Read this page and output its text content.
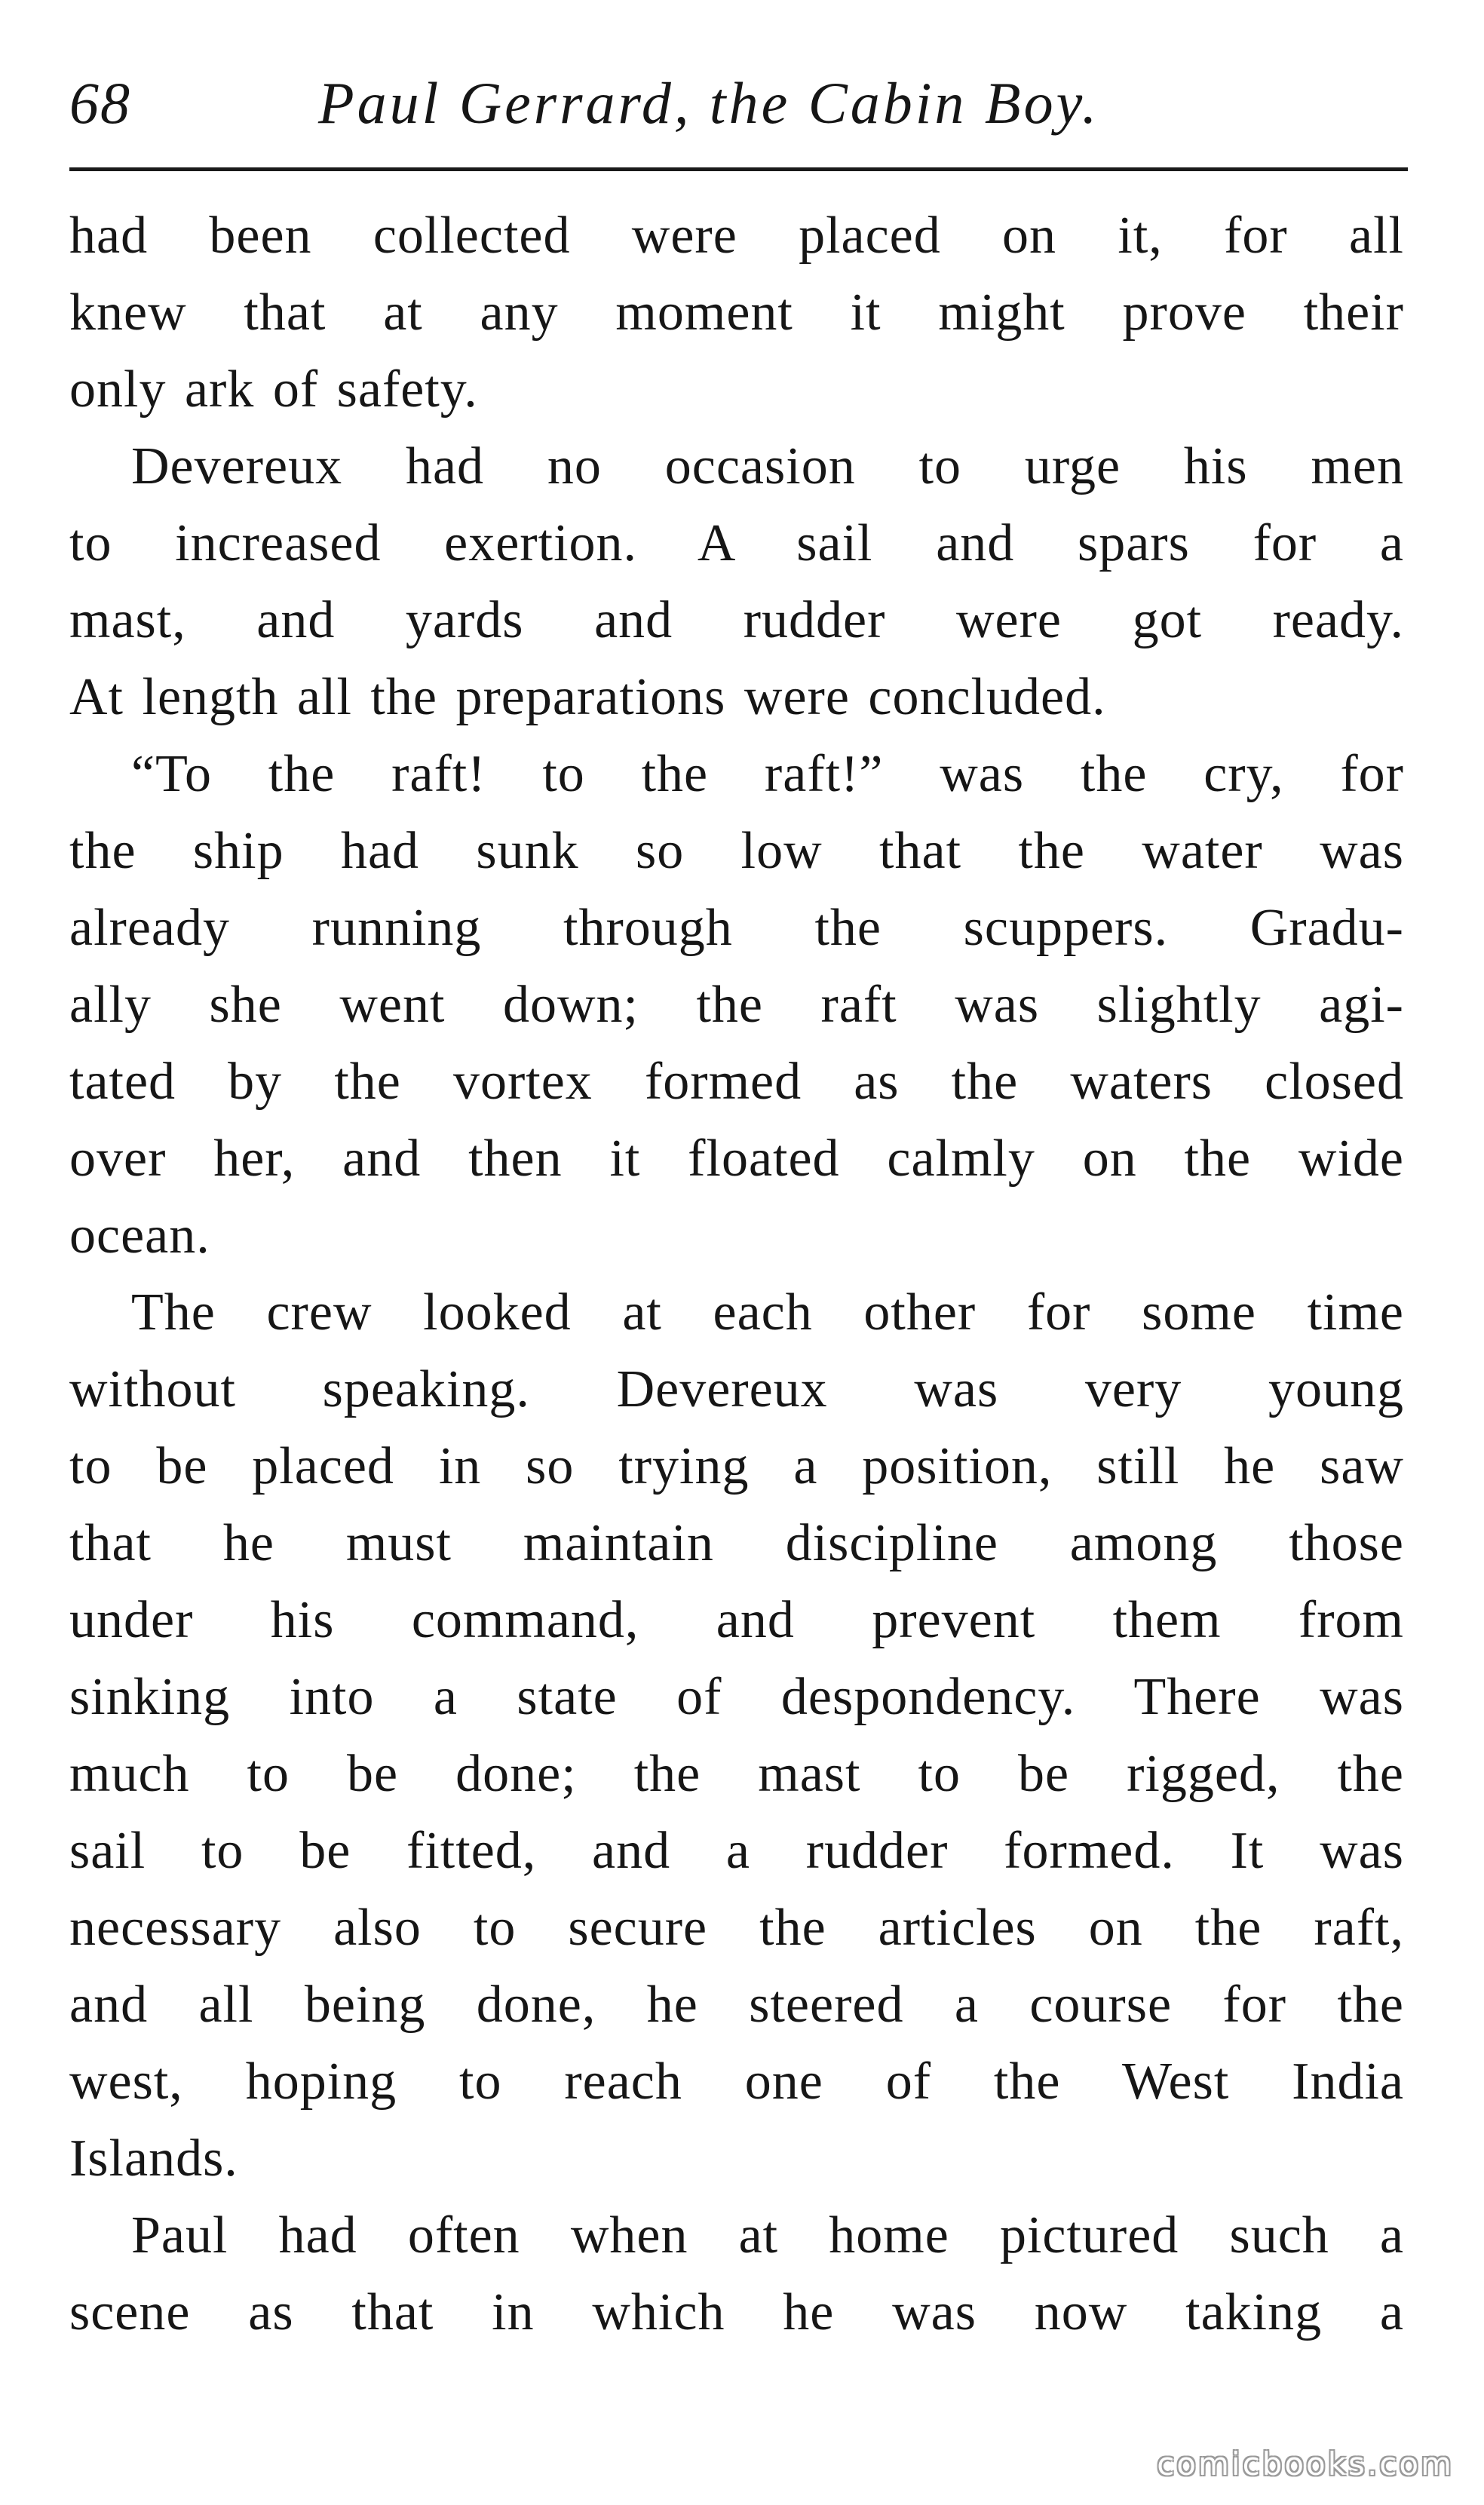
68	Paul Gerrard, the Cabin Boy.
had been collected were placed on it, for all
knew that at any moment it might prove their
only ark of safety.
Devereux had no occasion to urge his men
to increased exertion. A sail and spars for a
mast, and yards and rudder were got ready.
At length all the preparations were concluded.
“To the raft! to the raft!” was the cry, for
the ship had sunk so low that the water was
already running through the scuppers. Gradu-
ally she went down; the raft was slightly agi-
tated by the vortex formed as the waters closed
over her, and then it floated calmly on the wide
ocean.
The crew looked at each other for some time
without speaking. Devereux was very young
to be placed in so trying a position, still he saw
that he must maintain discipline among those
under his command, and prevent them from
sinking into a state of despondency. There was
much to be done; the mast to be rigged, the
sail to be fitted, and a rudder formed. It was
necessary also to secure the articles on the raft,
and all being done, he steered a course for the
west, hoping to reach one of the West India
Islands.
Paul had often when at home pictured such a
scene as that in which he was now taking a
comicbooks.com
